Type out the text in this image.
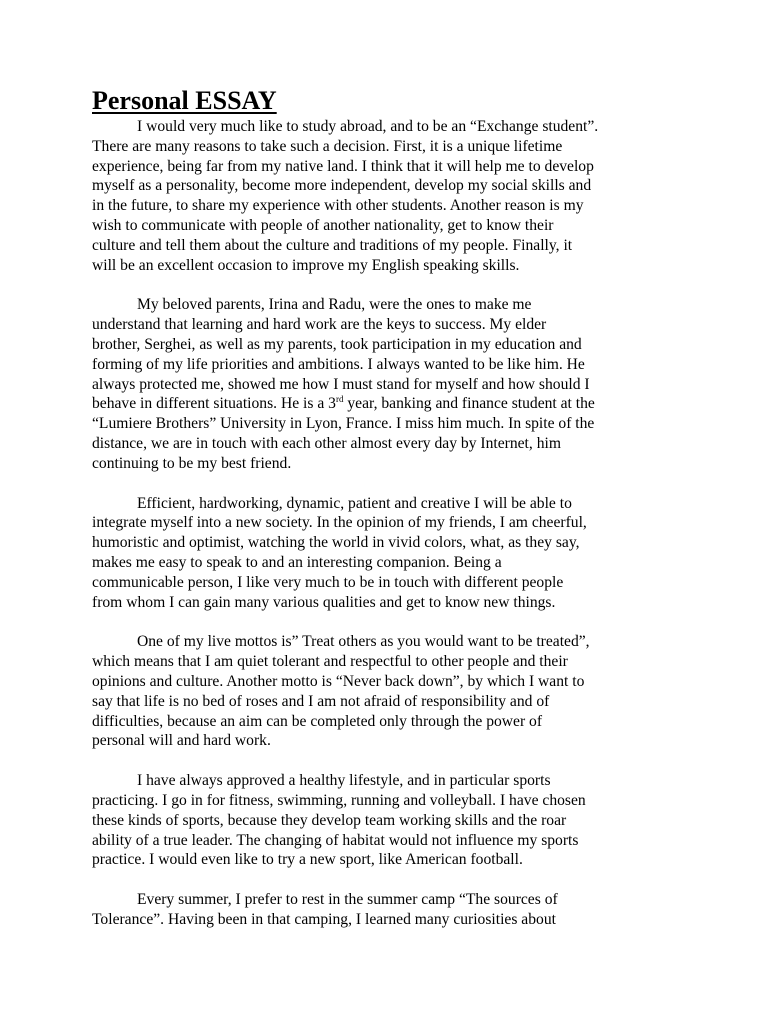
Personal ESSAY
I would very much like to study abroad, and to be an “Exchange student”.
There are many reasons to take such a decision. First, it is a unique lifetime
experience, being far from my native land. I think that it will help me to develop
myself as a personality, become more independent, develop my social skills and
in the future, to share my experience with other students. Another reason is my
wish to communicate with people of another nationality, get to know their
culture and tell them about the culture and traditions of my people. Finally, it
will be an excellent occasion to improve my English speaking skills.
My beloved parents, Irina and Radu, were the ones to make me
understand that learning and hard work are the keys to success. My elder
brother, Serghei, as well as my parents, took participation in my education and
forming of my life priorities and ambitions. I always wanted to be like him. He
always protected me, showed me how I must stand for myself and how should I
behave in different situations. He is a 3rd year, banking and finance student at the
“Lumiere Brothers” University in Lyon, France. I miss him much. In spite of the
distance, we are in touch with each other almost every day by Internet, him
continuing to be my best friend.
Efficient, hardworking, dynamic, patient and creative I will be able to
integrate myself into a new society. In the opinion of my friends, I am cheerful,
humoristic and optimist, watching the world in vivid colors, what, as they say,
makes me easy to speak to and an interesting companion. Being a
communicable person, I like very much to be in touch with different people
from whom I can gain many various qualities and get to know new things.
One of my live mottos is” Treat others as you would want to be treated”,
which means that I am quiet tolerant and respectful to other people and their
opinions and culture. Another motto is “Never back down”, by which I want to
say that life is no bed of roses and I am not afraid of responsibility and of
difficulties, because an aim can be completed only through the power of
personal will and hard work.
I have always approved a healthy lifestyle, and in particular sports
practicing. I go in for fitness, swimming, running and volleyball. I have chosen
these kinds of sports, because they develop team working skills and the roar
ability of a true leader. The changing of habitat would not influence my sports
practice. I would even like to try a new sport, like American football.
Every summer, I prefer to rest in the summer camp “The sources of
Tolerance”. Having been in that camping, I learned many curiosities about
